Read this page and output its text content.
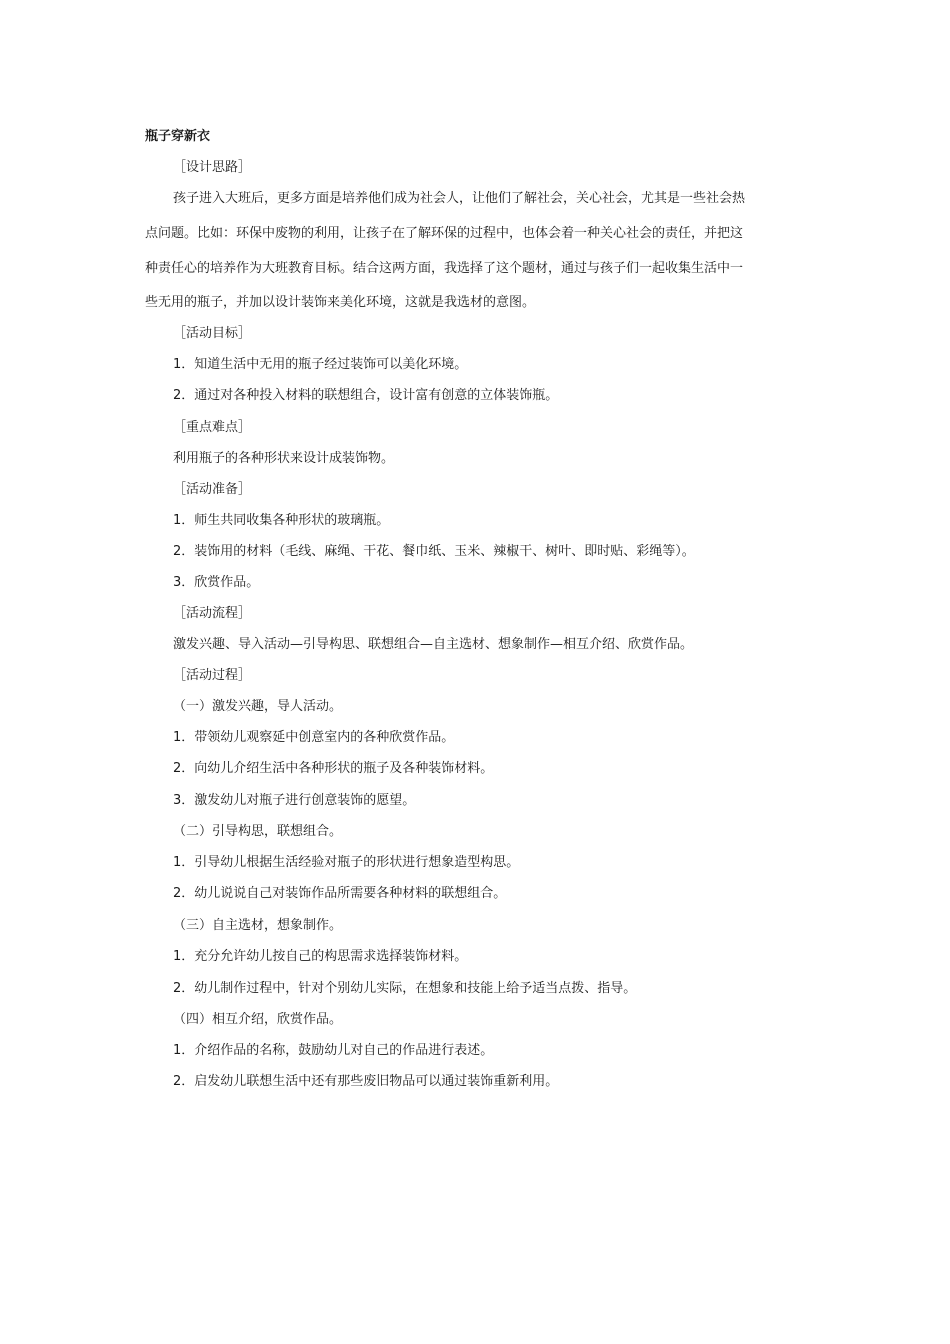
瓶子穿新衣
［设计思路］
孩子进入大班后，更多方面是培养他们成为社会人，让他们了解社会，关心社会，尤其是一些社会热
点问题。比如：环保中废物的利用，让孩子在了解环保的过程中，也体会着一种关心社会的责任，并把这
种责任心的培养作为大班教育目标。结合这两方面，我选择了这个题材，通过与孩子们一起收集生活中一
些无用的瓶子，并加以设计装饰来美化环境，这就是我选材的意图。
［活动目标］
1．知道生活中无用的瓶子经过装饰可以美化环境。
2．通过对各种投入材料的联想组合，设计富有创意的立体装饰瓶。
［重点难点］
利用瓶子的各种形状来设计成装饰物。
［活动准备］
1．师生共同收集各种形状的玻璃瓶。
2．装饰用的材料（毛线、麻绳、干花、餐巾纸、玉米、辣椒干、树叶、即时贴、彩绳等）。
3．欣赏作品。
［活动流程］
激发兴趣、导入活动—引导构思、联想组合—自主选材、想象制作—相互介绍、欣赏作品。
［活动过程］
（一）激发兴趣，导人活动。
1．带领幼儿观察延中创意室内的各种欣赏作品。
2．向幼儿介绍生活中各种形状的瓶子及各种装饰材料。
3．激发幼儿对瓶子进行创意装饰的愿望。
（二）引导构思，联想组合。
1．引导幼儿根据生活经验对瓶子的形状进行想象造型构思。
2．幼儿说说自己对装饰作品所需要各种材料的联想组合。
（三）自主选材，想象制作。
1．充分允许幼儿按自己的构思需求选择装饰材料。
2．幼儿制作过程中，针对个别幼儿实际，在想象和技能上给予适当点拨、指导。
（四）相互介绍，欣赏作品。
1．介绍作品的名称，鼓励幼儿对自己的作品进行表述。
2．启发幼儿联想生活中还有那些废旧物品可以通过装饰重新利用。
